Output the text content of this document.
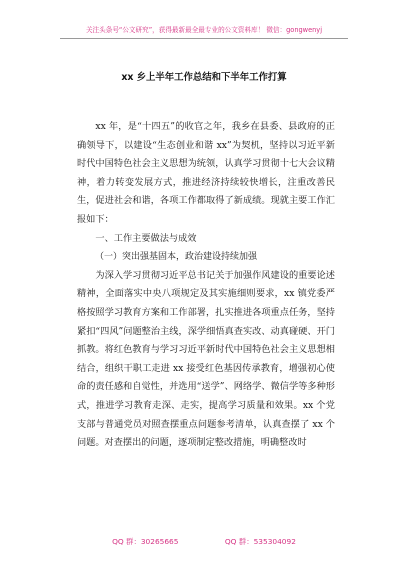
关注头条号“公文研究”，获得最新最全最专业的公文资料库！ 微信：gongwenyj
xx 乡上半年工作总结和下半年工作打算

xx 年，是“十四五”的收官之年，我乡在县委、县政府的正确领导下，以建设“生态创业和谐 xx”为契机，坚持以习近平新时代中国特色社会主义思想为统领，认真学习贯彻十七大会议精神，着力转变发展方式，推进经济持续较快增长，注重改善民生，促进社会和谐，各项工作都取得了新成绩。现就主要工作汇报如下：

一、工作主要做法与成效

（一）突出强基固本，政治建设持续加强

为深入学习贯彻习近平总书记关于加强作风建设的重要论述精神，全面落实中央八项规定及其实施细则要求，xx 镇党委严格按照学习教育方案和工作部署，扎实推进各项重点任务，坚持紧扣“四风”问题整治主线，深学细悟真查实改、动真碰硬、开门抓教。将红色教育与学习习近平新时代中国特色社会主义思想相结合，组织干职工走进 xx 接受红色基因传承教育，增强初心使命的责任感和自觉性，并选用“送学”、网络学、微信学等多种形式，推进学习教育走深、走实，提高学习质量和效果。xx 个党支部与普通党员对照查摆重点问题参考清单，认真查摆了 xx 个问题。对查摆出的问题，逐项制定整改措施，明确整改时

QQ 群：30265665	QQ 群：535304092
